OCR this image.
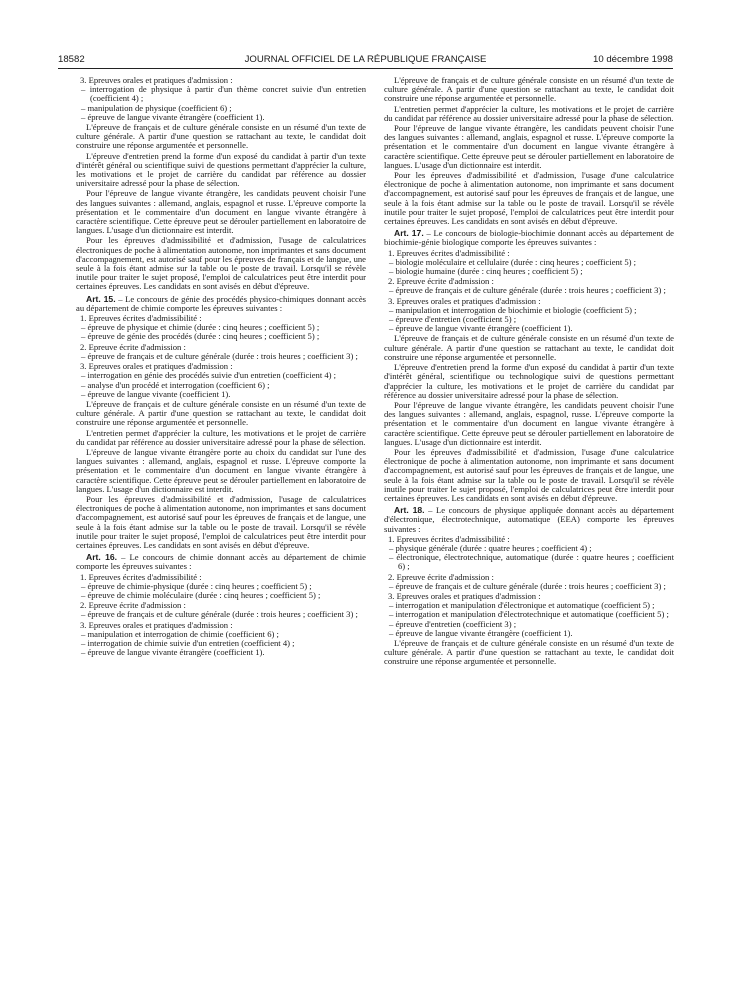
18582	JOURNAL OFFICIEL DE LA RÉPUBLIQUE FRANÇAISE	10 décembre 1998
3. Epreuves orales et pratiques d'admission :
– interrogation de physique à partir d'un thème concret suivie d'un entretien (coefficient 4) ;
– manipulation de physique (coefficient 6) ;
– épreuve de langue vivante étrangère (coefficient 1).

L'épreuve de français et de culture générale consiste en un résumé d'un texte de culture générale. A partir d'une question se rattachant au texte, le candidat doit construire une réponse argumentée et personnelle.

L'épreuve d'entretien prend la forme d'un exposé du candidat à partir d'un texte d'intérêt général ou scientifique suivi de questions permettant d'apprécier la culture, les motivations et le projet de carrière du candidat par référence au dossier universitaire adressé pour la phase de sélection.

Pour l'épreuve de langue vivante étrangère, les candidats peuvent choisir l'une des langues suivantes : allemand, anglais, espagnol et russe. L'épreuve comporte la présentation et le commentaire d'un document en langue vivante étrangère à caractère scientifique. Cette épreuve peut se dérouler partiellement en laboratoire de langues. L'usage d'un dictionnaire est interdit.

Pour les épreuves d'admissibilité et d'admission, l'usage de calculatrices électroniques de poche à alimentation autonome, non imprimantes et sans document d'accompagnement, est autorisé sauf pour les épreuves de français et de langue, une seule à la fois étant admise sur la table ou le poste de travail. Lorsqu'il se révèle inutile pour traiter le sujet proposé, l'emploi de calculatrices peut être interdit pour certaines épreuves. Les candidats en sont avisés en début d'épreuve.

Art. 15. – Le concours de génie des procédés physico-chimiques donnant accès au département de chimie comporte les épreuves suivantes :

1. Epreuves écrites d'admissibilité :
– épreuve de physique et chimie (durée : cinq heures ; coefficient 5) ;
– épreuve de génie des procédés (durée : cinq heures ; coefficient 5) ;
2. Epreuve écrite d'admission :
– épreuve de français et de culture générale (durée : trois heures ; coefficient 3) ;
3. Epreuves orales et pratiques d'admission :
– interrogation en génie des procédés suivie d'un entretien (coefficient 4) ;
– analyse d'un procédé et interrogation (coefficient 6) ;
– épreuve de langue vivante (coefficient 1).

L'épreuve de français et de culture générale consiste en un résumé d'un texte de culture générale. A partir d'une question se rattachant au texte, le candidat doit construire une réponse argumentée et personnelle.

L'entretien permet d'apprécier la culture, les motivations et le projet de carrière du candidat par référence au dossier universitaire adressé pour la phase de sélection.

L'épreuve de langue vivante étrangère porte au choix du candidat sur l'une des langues suivantes : allemand, anglais, espagnol et russe. L'épreuve comporte la présentation et le commentaire d'un document en langue vivante étrangère à caractère scientifique. Cette épreuve peut se dérouler partiellement en laboratoire de langues. L'usage d'un dictionnaire est interdit.

Pour les épreuves d'admissibilité et d'admission, l'usage de calculatrices électroniques de poche à alimentation autonome, non imprimantes et sans document d'accompagnement, est autorisé sauf pour les épreuves de français et de langue, une seule à la fois étant admise sur la table ou le poste de travail. Lorsqu'il se révèle inutile pour traiter le sujet proposé, l'emploi de calculatrices peut être interdit pour certaines épreuves. Les candidats en sont avisés en début d'épreuve.

Art. 16. – Le concours de chimie donnant accès au département de chimie comporte les épreuves suivantes :

1. Epreuves écrites d'admissibilité :
– épreuve de chimie-physique (durée : cinq heures ; coefficient 5) ;
– épreuve de chimie moléculaire (durée : cinq heures ; coefficient 5) ;
2. Epreuve écrite d'admission :
– épreuve de français et de culture générale (durée : trois heures ; coefficient 3) ;
3. Epreuves orales et pratiques d'admission :
– manipulation et interrogation de chimie (coefficient 6) ;
– interrogation de chimie suivie d'un entretien (coefficient 4) ;
– épreuve de langue vivante étrangère (coefficient 1).

L'épreuve de français et de culture générale consiste en un résumé d'un texte de culture générale. A partir d'une question se rattachant au texte, le candidat doit construire une réponse argumentée et personnelle.

L'entretien permet d'apprécier la culture, les motivations et le projet de carrière du candidat par référence au dossier universitaire adressé pour la phase de sélection.

Pour l'épreuve de langue vivante étrangère, les candidats peuvent choisir l'une des langues suivantes : allemand, anglais, espagnol et russe. L'épreuve comporte la présentation et le commentaire d'un document en langue vivante étrangère à caractère scientifique. Cette épreuve peut se dérouler partiellement en laboratoire de langues. L'usage d'un dictionnaire est interdit.

Pour les épreuves d'admissibilité et d'admission, l'usage d'une calculatrice électronique de poche à alimentation autonome, non imprimante et sans document d'accompagnement, est autorisé sauf pour les épreuves de français et de langue, une seule à la fois étant admise sur la table ou le poste de travail. Lorsqu'il se révèle inutile pour traiter le sujet proposé, l'emploi de calculatrices peut être interdit pour certaines épreuves. Les candidats en sont avisés en début d'épreuve.

Art. 17. – Le concours de biologie-biochimie donnant accès au département de biochimie-génie biologique comporte les épreuves suivantes :

1. Epreuves écrites d'admissibilité :
– biologie moléculaire et cellulaire (durée : cinq heures ; coefficient 5) ;
– biologie humaine (durée : cinq heures ; coefficient 5) ;
2. Epreuve écrite d'admission :
– épreuve de français et de culture générale (durée : trois heures ; coefficient 3) ;
3. Epreuves orales et pratiques d'admission :
– manipulation et interrogation de biochimie et biologie (coefficient 5) ;
– épreuve d'entretien (coefficient 5) ;
– épreuve de langue vivante étrangère (coefficient 1).

L'épreuve de français et de culture générale consiste en un résumé d'un texte de culture générale. A partir d'une question se rattachant au texte, le candidat doit construire une réponse argumentée et personnelle.

L'épreuve d'entretien prend la forme d'un exposé du candidat à partir d'un texte d'intérêt général, scientifique ou technologique suivi de questions permettant d'apprécier la culture, les motivations et le projet de carrière du candidat par référence au dossier universitaire adressé pour la phase de sélection.

Pour l'épreuve de langue vivante étrangère, les candidats peuvent choisir l'une des langues suivantes : allemand, anglais, espagnol, russe. L'épreuve comporte la présentation et le commentaire d'un document en langue vivante étrangère à caractère scientifique. Cette épreuve peut se dérouler partiellement en laboratoire de langues. L'usage d'un dictionnaire est interdit.

Pour les épreuves d'admissibilité et d'admission, l'usage d'une calculatrice électronique de poche à alimentation autonome, non imprimante et sans document d'accompagnement, est autorisé sauf pour les épreuves de français et de langue, une seule à la fois étant admise sur la table ou le poste de travail. Lorsqu'il se révèle inutile pour traiter le sujet proposé, l'emploi de calculatrices peut être interdit pour certaines épreuves. Les candidats en sont avisés en début d'épreuve.

Art. 18. – Le concours de physique appliquée donnant accès au département d'électronique, électrotechnique, automatique (EEA) comporte les épreuves suivantes :

1. Epreuves écrites d'admissibilité :
– physique générale (durée : quatre heures ; coefficient 4) ;
– électronique, électrotechnique, automatique (durée : quatre heures ; coefficient 6) ;
2. Epreuve écrite d'admission :
– épreuve de français et de culture générale (durée : trois heures ; coefficient 3) ;
3. Epreuves orales et pratiques d'admission :
– interrogation et manipulation d'électronique et automatique (coefficient 5) ;
– interrogation et manipulation d'électrotechnique et automatique (coefficient 5) ;
– épreuve d'entretien (coefficient 3) ;
– épreuve de langue vivante étrangère (coefficient 1).

L'épreuve de français et de culture générale consiste en un résumé d'un texte de culture générale. A partir d'une question se rattachant au texte, le candidat doit construire une réponse argumentée et personnelle.
